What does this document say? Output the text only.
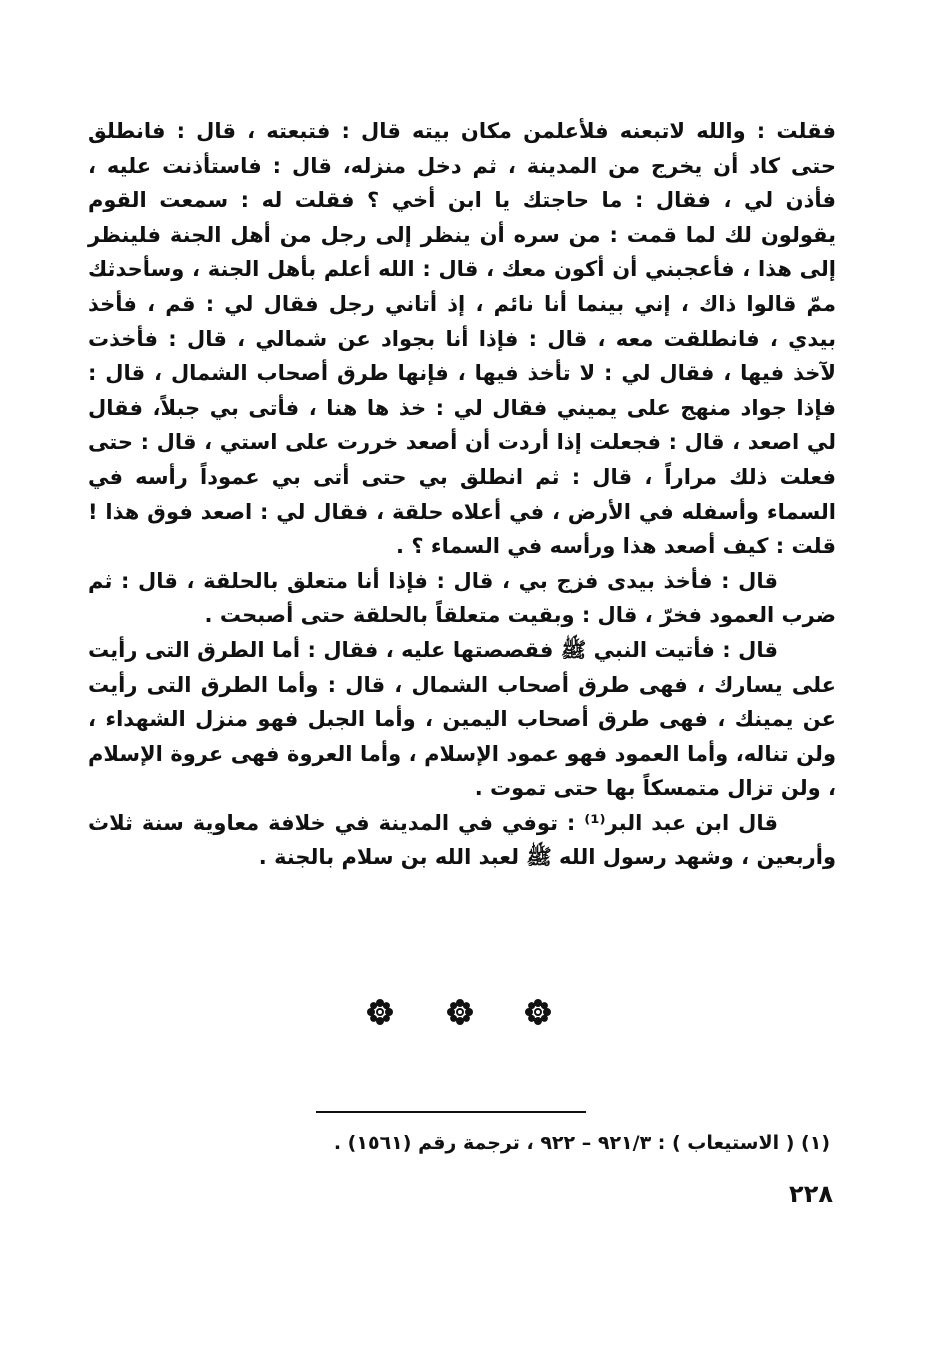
فقلت : والله لاتبعنه فلأعلمن مكان بيته قال : فتبعته ، قال : فانطلق حتى كاد أن يخرج من المدينة ، ثم دخل منزله، قال : فاستأذنت عليه ، فأذن لي ، فقال : ما حاجتك يا ابن أخي ؟ فقلت له : سمعت القوم يقولون لك لما قمت : من سره أن ينظر إلى رجل من أهل الجنة فلينظر إلى هذا ، فأعجبني أن أكون معك ، قال : الله أعلم بأهل الجنة ، وسأحدثك ممّ قالوا ذاك ، إني بينما أنا نائم ، إذ أتاني رجل فقال لي : قم ، فأخذ بيدي ، فانطلقت معه ، قال : فإذا أنا بجواد عن شمالي ، قال : فأخذت لآخذ فيها ، فقال لي : لا تأخذ فيها ، فإنها طرق أصحاب الشمال ، قال : فإذا جواد منهج على يميني فقال لي : خذ ها هنا ، فأتى بي جبلاً، فقال لي اصعد ، قال : فجعلت إذا أردت أن أصعد خررت على استي ، قال : حتى فعلت ذلك مراراً ، قال : ثم انطلق بي حتى أتى بي عموداً رأسه في السماء وأسفله في الأرض ، في أعلاه حلقة ، فقال لي : اصعد فوق هذا ! قلت : كيف أصعد هذا ورأسه في السماء ؟ .

قال : فأخذ بيدى فزج بي ، قال : فإذا أنا متعلق بالحلقة ، قال : ثم ضرب العمود فخرّ ، قال : وبقيت متعلقاً بالحلقة حتى أصبحت .

قال : فأتيت النبي ﷺ فقصصتها عليه ، فقال : أما الطرق التى رأيت على يسارك ، فهى طرق أصحاب الشمال ، قال : وأما الطرق التى رأيت عن يمينك ، فهى طرق أصحاب اليمين ، وأما الجبل فهو منزل الشهداء ، ولن تناله، وأما العمود فهو عمود الإسلام ، وأما العروة فهى عروة الإسلام ، ولن تزال متمسكاً بها حتى تموت .

قال ابن عبد البر⁽¹⁾ : توفي في المدينة في خلافة معاوية سنة ثلاث وأربعين ، وشهد رسول الله ﷺ لعبد الله بن سلام بالجنة .

(١) ( الاستيعاب ) : ٩٢١/٣ – ٩٢٢ ، ترجمة رقم (١٥٦١) .
٢٢٨
